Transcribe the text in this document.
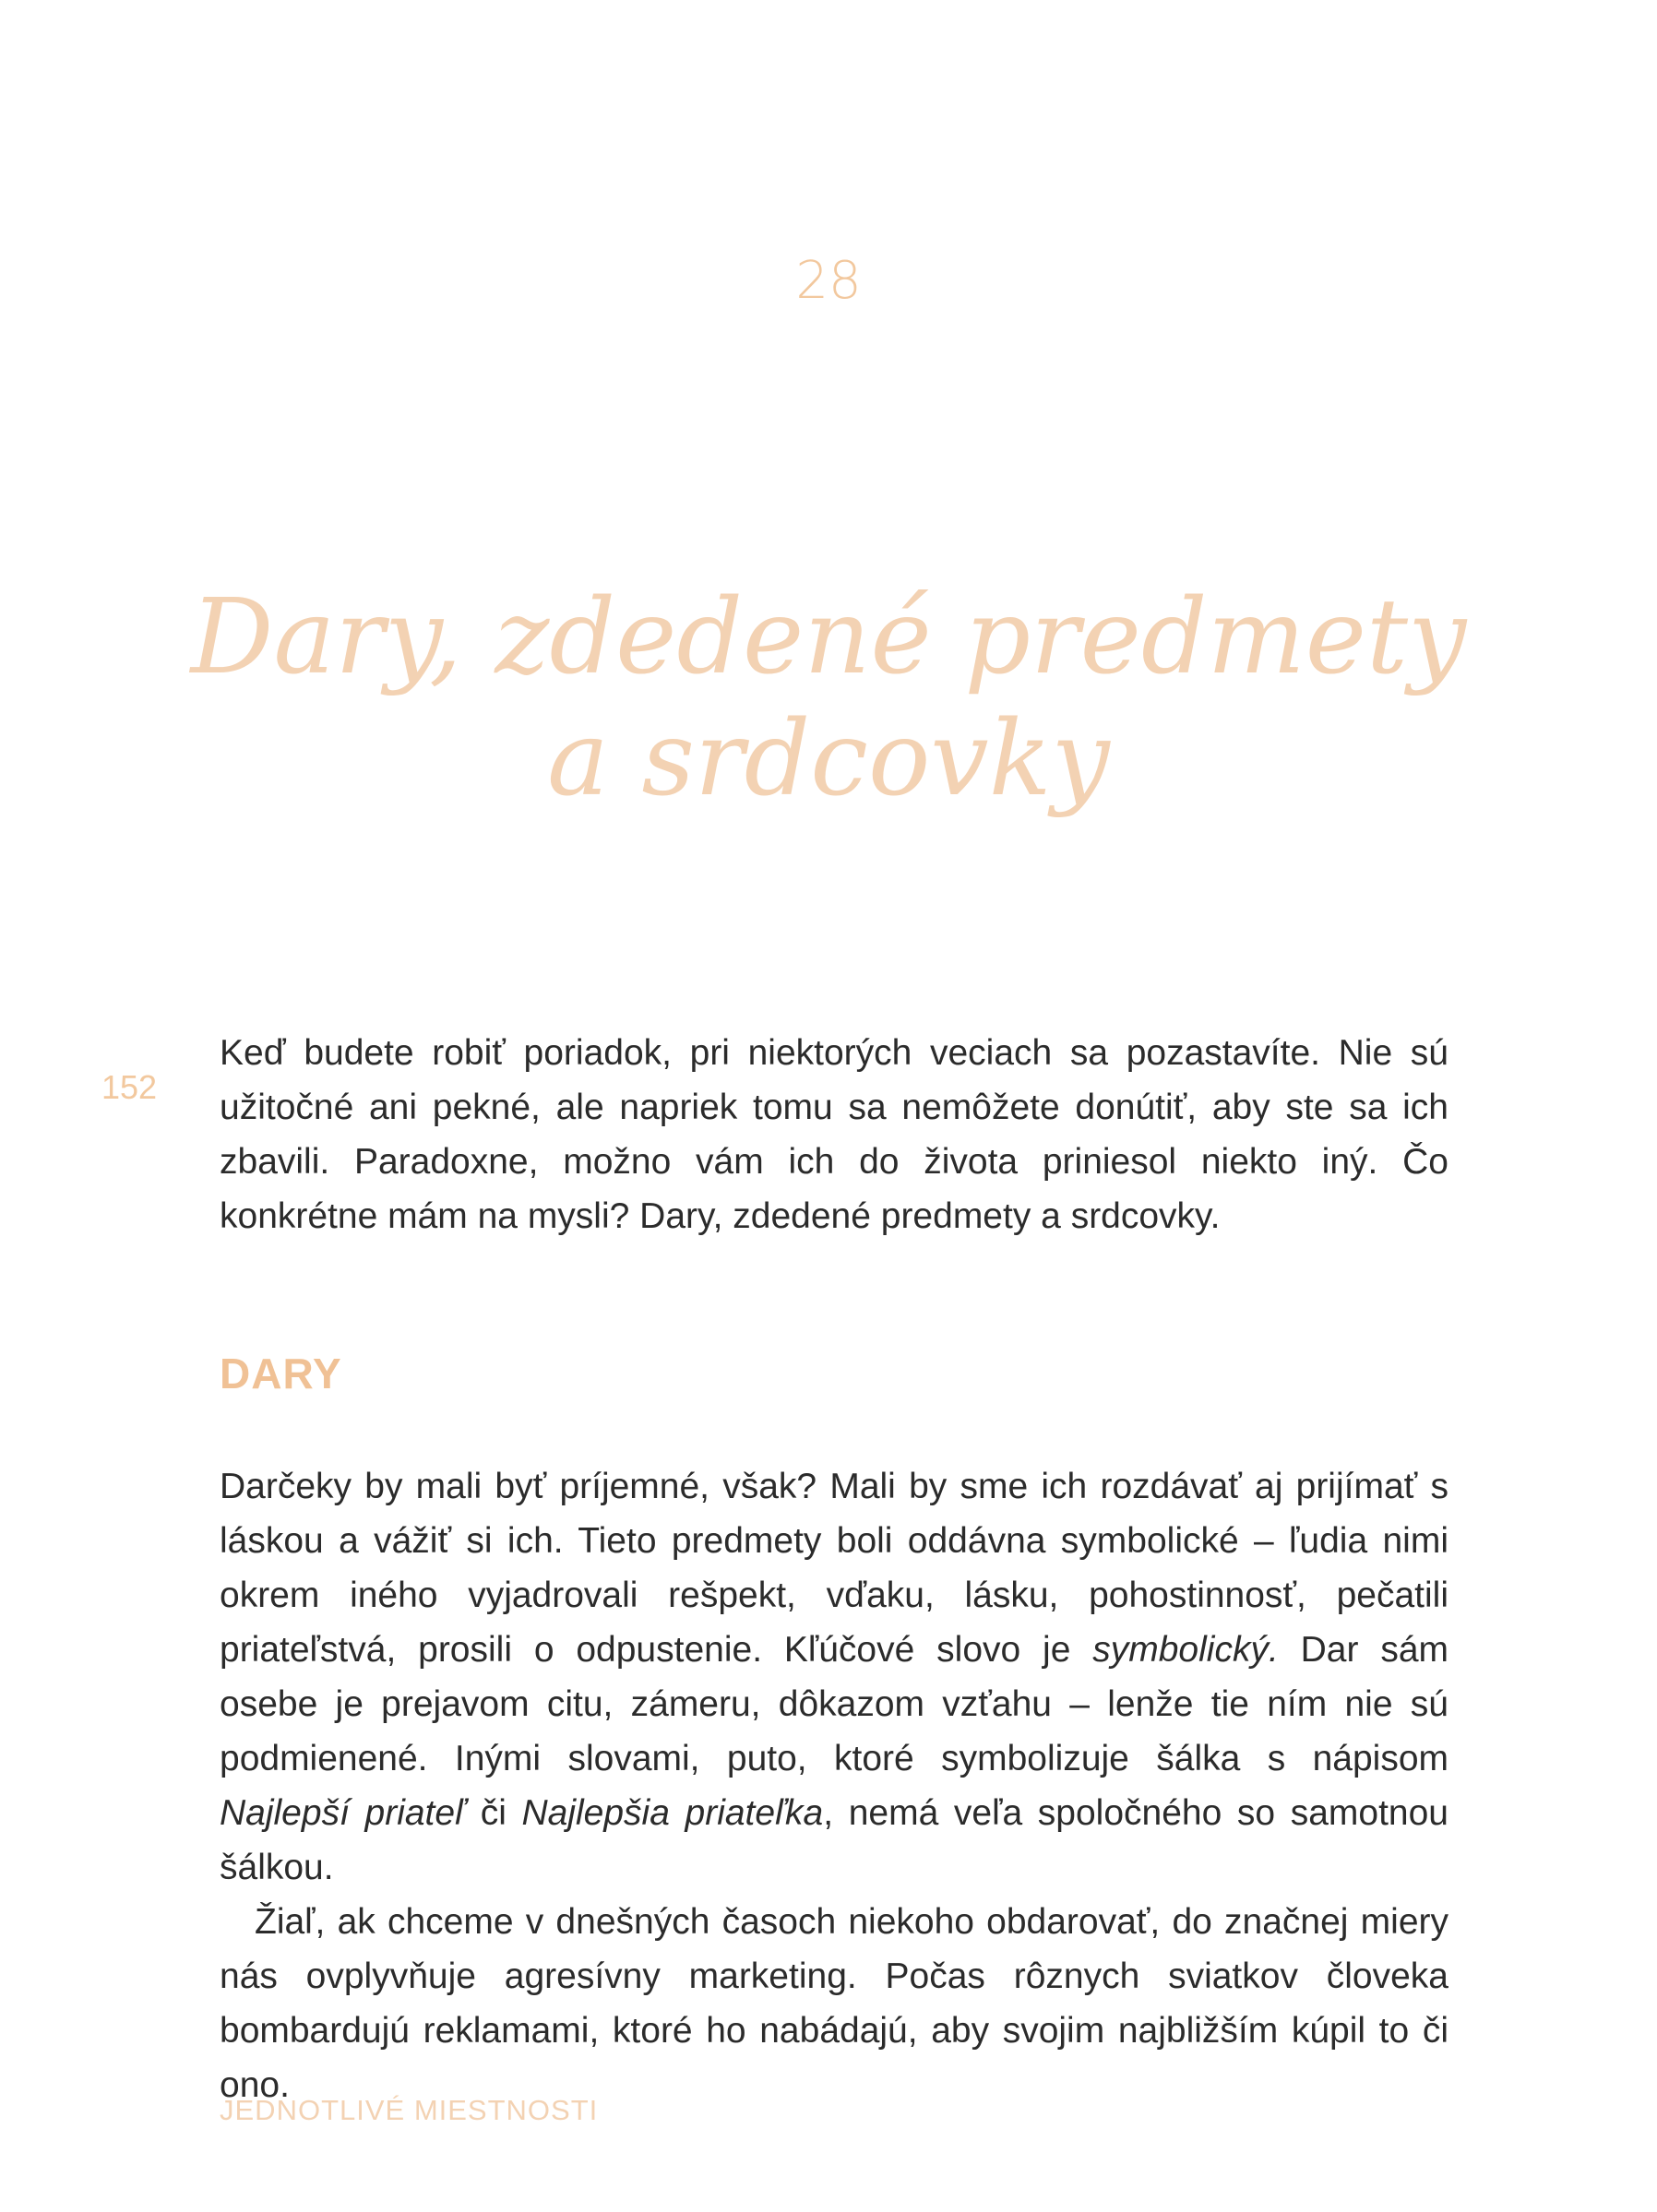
28
Dary, zdedené predmety
a srdcovky
152
Keď budete robiť poriadok, pri niektorých veciach sa pozastavíte. Nie sú užitočné ani pekné, ale napriek tomu sa nemôžete donútiť, aby ste sa ich zbavili. Paradoxne, možno vám ich do života priniesol niekto iný. Čo konkrétne mám na mysli? Dary, zdedené predmety a srdcovky.
DARY

Darčeky by mali byť príjemné, však? Mali by sme ich rozdávať aj prijímať s láskou a vážiť si ich. Tieto predmety boli oddávna symbolické – ľudia nimi okrem iného vyjadrovali rešpekt, vďaku, lásku, pohostinnosť, pečatili priateľstvá, prosili o odpustenie. Kľúčové slovo je symbolický. Dar sám osebe je prejavom citu, zámeru, dôkazom vzťahu – lenže tie ním nie sú podmienené. Inými slovami, puto, ktoré symbolizuje šálka s nápisom Najlepší priateľ či Najlepšia priateľka, nemá veľa spoločného so samotnou šálkou.

Žiaľ, ak chceme v dnešných časoch niekoho obdarovať, do značnej miery nás ovplyvňuje agresívny marketing. Počas rôznych sviatkov človeka bombardujú reklamami, ktoré ho nabádajú, aby svojim najbližším kúpil to či ono.

JEDNOTLIVÉ MIESTNOSTI
